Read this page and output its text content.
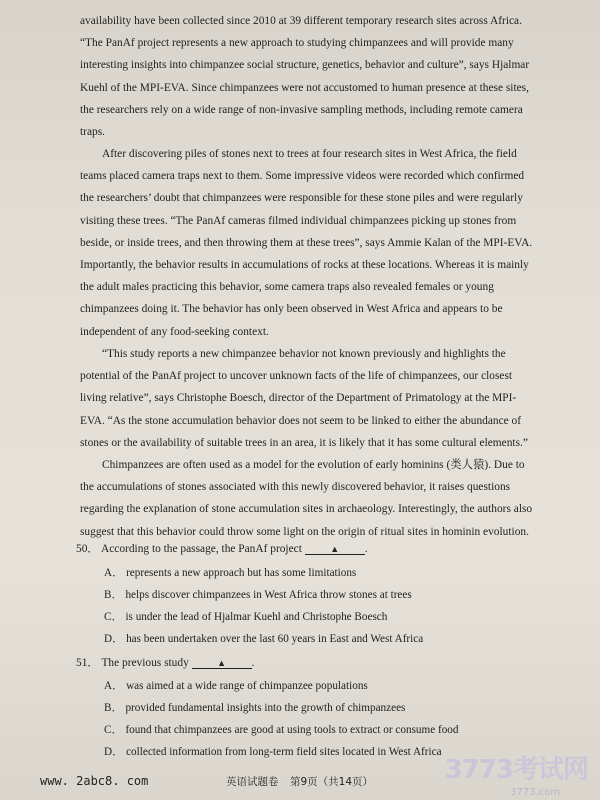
availability have been collected since 2010 at 39 different temporary research sites across Africa.
“The PanAf project represents a new approach to studying chimpanzees and will provide many
interesting insights into chimpanzee social structure, genetics, behavior and culture”, says Hjalmar
Kuehl of the MPI-EVA. Since chimpanzees were not accustomed to human presence at these sites,
the researchers rely on a wide range of non-invasive sampling methods, including remote camera
traps.
After discovering piles of stones next to trees at four research sites in West Africa, the field
teams placed camera traps next to them. Some impressive videos were recorded which confirmed
the researchers’ doubt that chimpanzees were responsible for these stone piles and were regularly
visiting these trees. “The PanAf cameras filmed individual chimpanzees picking up stones from
beside, or inside trees, and then throwing them at these trees”, says Ammie Kalan of the MPI-EVA.
Importantly, the behavior results in accumulations of rocks at these locations. Whereas it is mainly
the adult males practicing this behavior, some camera traps also revealed females or young
chimpanzees doing it. The behavior has only been observed in West Africa and appears to be
independent of any food-seeking context.
“This study reports a new chimpanzee behavior not known previously and highlights the
potential of the PanAf project to uncover unknown facts of the life of chimpanzees, our closest
living relative”, says Christophe Boesch, director of the Department of Primatology at the MPI-
EVA. “As the stone accumulation behavior does not seem to be linked to either the abundance of
stones or the availability of suitable trees in an area, it is likely that it has some cultural elements.”
Chimpanzees are often used as a model for the evolution of early hominins (类人猿). Due to
the accumulations of stones associated with this newly discovered behavior, it raises questions
regarding the explanation of stone accumulation sites in archaeology. Interestingly, the authors also
suggest that this behavior could throw some light on the origin of ritual sites in hominin evolution.
50． According to the passage, the PanAf project	▲ .
A． represents a new approach but has some limitations
B． helps discover chimpanzees in West Africa throw stones at trees
C． is under the lead of Hjalmar Kuehl and Christophe Boesch
D． has been undertaken over the last 60 years in East and West Africa
51． The previous study	▲ .
A． was aimed at a wide range of chimpanzee populations
B． provided fundamental insights into the growth of chimpanzees
C． found that chimpanzees are good at using tools to extract or consume food
D． collected information from long-term field sites located in West Africa
www. 2abc8. com	英语试题卷 第9页（共14页）	3773考试网
3773.com
